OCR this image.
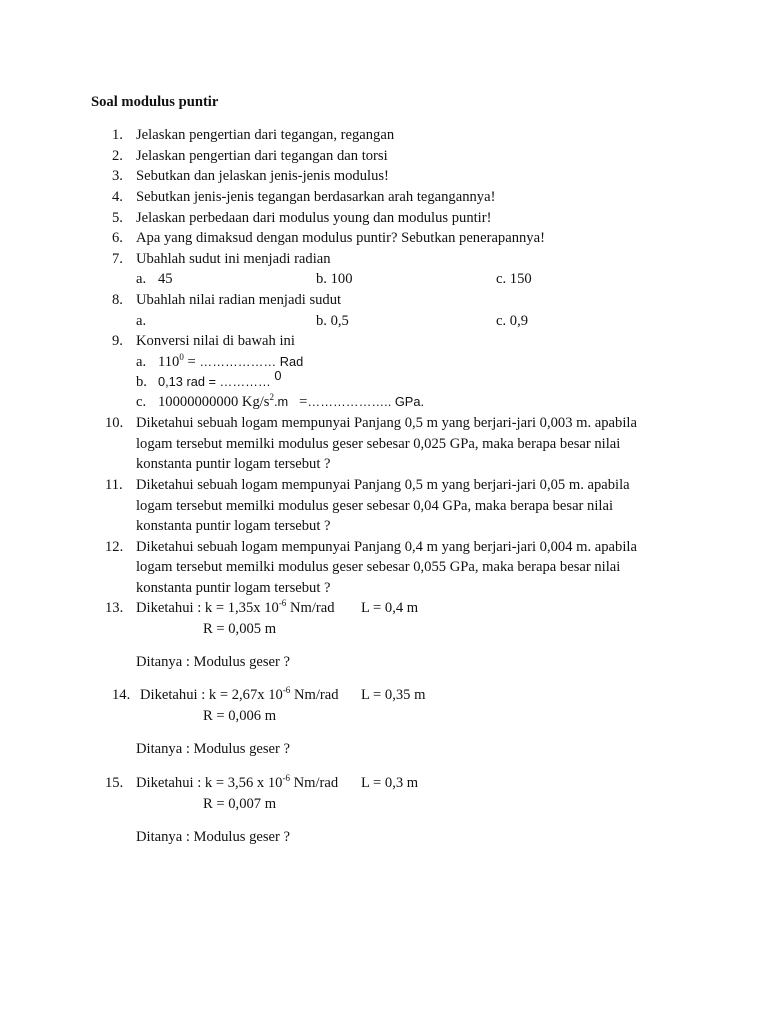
Soal modulus puntir
1. Jelaskan pengertian dari tegangan, regangan
2. Jelaskan pengertian dari tegangan dan torsi
3. Sebutkan dan jelaskan jenis-jenis modulus!
4. Sebutkan jenis-jenis tegangan berdasarkan arah tegangannya!
5. Jelaskan perbedaan dari modulus young dan modulus puntir!
6. Apa yang dimaksud dengan modulus puntir? Sebutkan penerapannya!
7. Ubahlah sudut ini menjadi radian
a. 45	b. 100	c. 150
8. Ubahlah nilai radian menjadi sudut
a.	b. 0,5	c. 0,9
9. Konversi nilai di bawah ini
a. $110^0$ = ……………… Rad
b. 0,13 rad = ………… $^0$
c. 10000000000 $Kg/s^2.m$ =……………….. GPa.
10. Diketahui sebuah logam mempunyai Panjang 0,5 m yang berjari-jari 0,003 m. apabila
logam tersebut memilki modulus geser sebesar 0,025 GPa, maka berapa besar nilai
konstanta puntir logam tersebut ?
11. Diketahui sebuah logam mempunyai Panjang 0,5 m yang berjari-jari 0,05 m. apabila
logam tersebut memilki modulus geser sebesar 0,04 GPa, maka berapa besar nilai
konstanta puntir logam tersebut ?
12. Diketahui sebuah logam mempunyai Panjang 0,4 m yang berjari-jari 0,004 m. apabila
logam tersebut memilki modulus geser sebesar 0,055 GPa, maka berapa besar nilai
konstanta puntir logam tersebut ?
13. Diketahui : k = 1,35x $10^{-6}$ Nm/rad L = 0,4 m
R = 0,005 m
Ditanya : Modulus geser ?
14. Diketahui : k = 2,67x $10^{-6}$ Nm/rad L = 0,35 m
R = 0,006 m
Ditanya : Modulus geser ?
15. Diketahui : k = 3,56 x $10^{-6}$ Nm/rad L = 0,3 m
R = 0,007 m
Ditanya : Modulus geser ?
